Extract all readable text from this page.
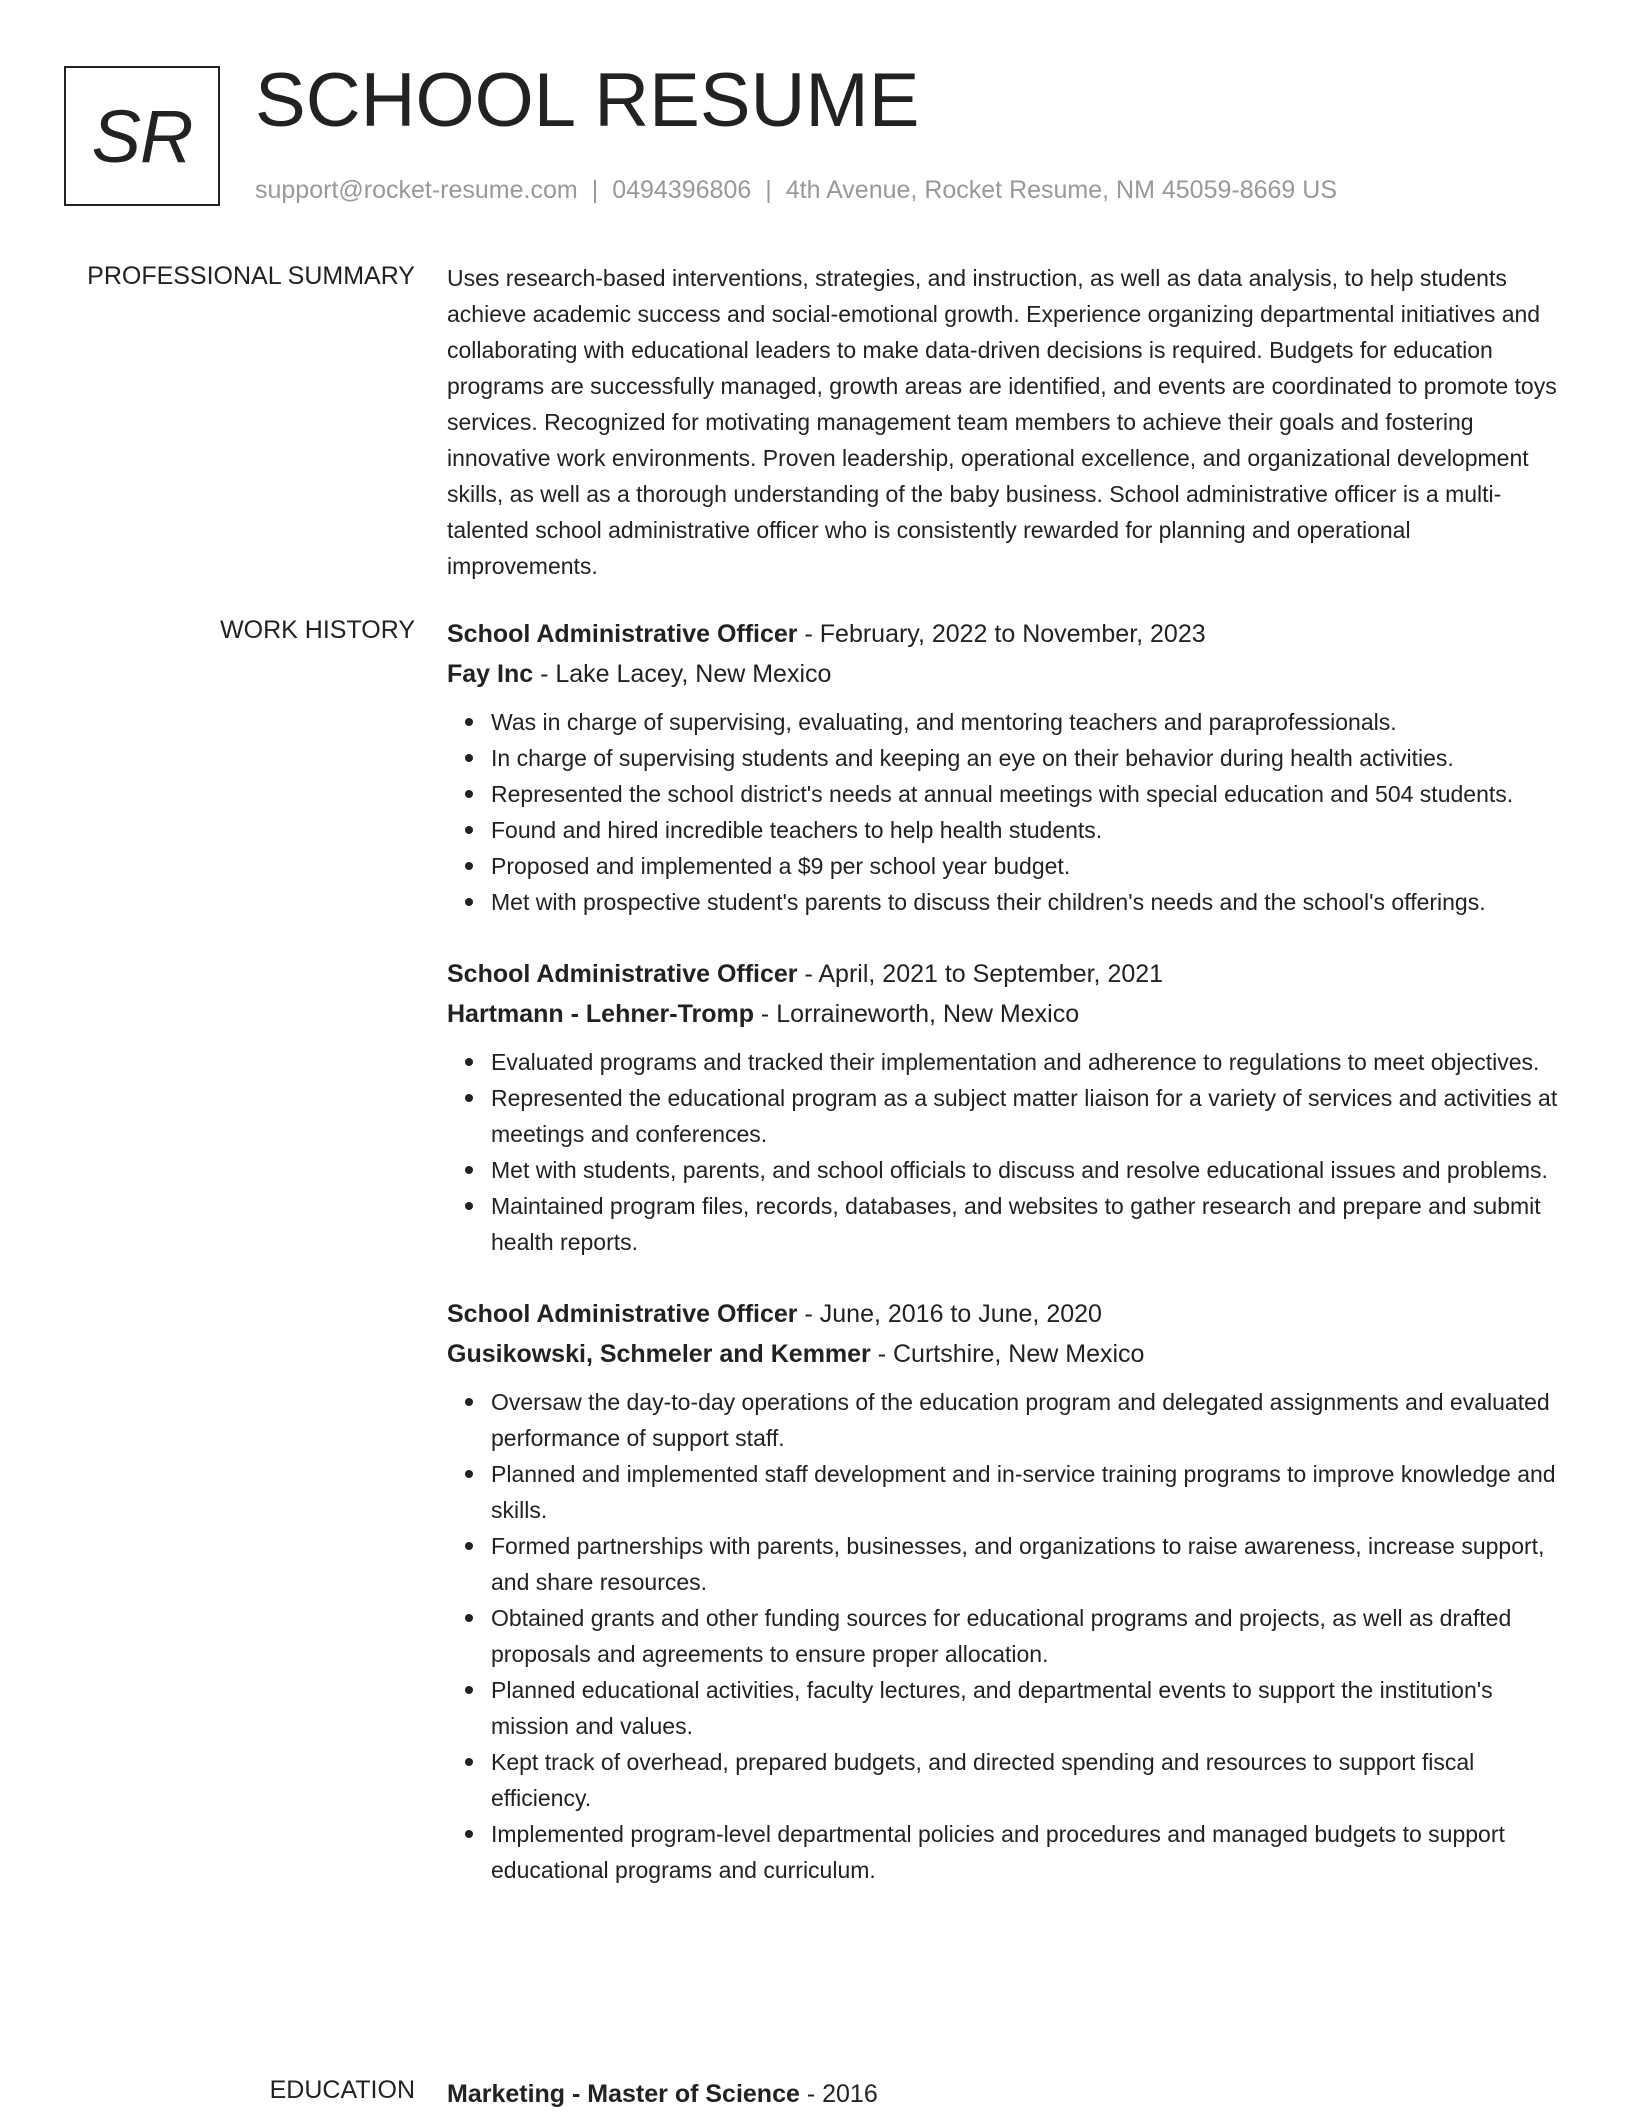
SR SCHOOL RESUME
support@rocket-resume.com | 0494396806 | 4th Avenue, Rocket Resume, NM 45059-8669 US
PROFESSIONAL SUMMARY Uses research-based interventions, strategies, and instruction, as well as data analysis, to help students achieve academic success and social-emotional growth. Experience organizing departmental initiatives and collaborating with educational leaders to make data-driven decisions is required. Budgets for education programs are successfully managed, growth areas are identified, and events are coordinated to promote toys services. Recognized for motivating management team members to achieve their goals and fostering innovative work environments. Proven leadership, operational excellence, and organizational development skills, as well as a thorough understanding of the baby business. School administrative officer is a multi-talented school administrative officer who is consistently rewarded for planning and operational improvements.

WORK HISTORY School Administrative Officer - February, 2022 to November, 2023
Fay Inc - Lake Lacey, New Mexico
Was in charge of supervising, evaluating, and mentoring teachers and paraprofessionals.
In charge of supervising students and keeping an eye on their behavior during health activities.
Represented the school district's needs at annual meetings with special education and 504 students.
Found and hired incredible teachers to help health students.
Proposed and implemented a $9 per school year budget.
Met with prospective student's parents to discuss their children's needs and the school's offerings.
School Administrative Officer - April, 2021 to September, 2021
Hartmann - Lehner-Tromp - Lorraineworth, New Mexico
Evaluated programs and tracked their implementation and adherence to regulations to meet objectives.
Represented the educational program as a subject matter liaison for a variety of services and activities at meetings and conferences.
Met with students, parents, and school officials to discuss and resolve educational issues and problems.
Maintained program files, records, databases, and websites to gather research and prepare and submit health reports.
School Administrative Officer - June, 2016 to June, 2020
Gusikowski, Schmeler and Kemmer - Curtshire, New Mexico
Oversaw the day-to-day operations of the education program and delegated assignments and evaluated performance of support staff.
Planned and implemented staff development and in-service training programs to improve knowledge and skills.
Formed partnerships with parents, businesses, and organizations to raise awareness, increase support, and share resources.
Obtained grants and other funding sources for educational programs and projects, as well as drafted proposals and agreements to ensure proper allocation.
Planned educational activities, faculty lectures, and departmental events to support the institution's mission and values.
Kept track of overhead, prepared budgets, and directed spending and resources to support fiscal efficiency.
Implemented program-level departmental policies and procedures and managed budgets to support educational programs and curriculum.
EDUCATION Marketing - Master of Science - 2016
